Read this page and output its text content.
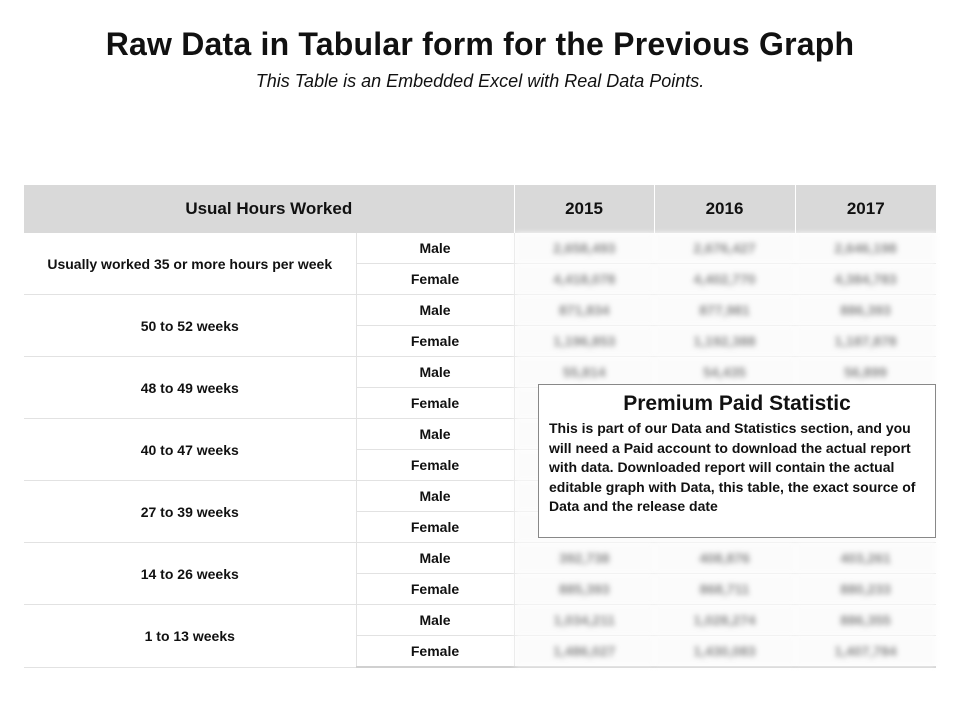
Raw Data in Tabular form for the Previous Graph
This Table is an Embedded Excel with Real Data Points.
Usual Hours Worked		2015	2016	2017
Usually worked 35 or more hours per week	Male	2,658,493	2,676,427	2,646,198
	Female	4,418,078	4,402,770	4,384,783
50 to 52 weeks	Male	871,834	877,981	886,393
	Female	1,196,853	1,192,388	1,187,878
48 to 49 weeks	Male	55,814	54,435	56,899
	Female			
40 to 47 weeks	Male			
	Female			
27 to 39 weeks	Male			
	Female			
14 to 26 weeks	Male	392,738	408,876	403,261
	Female	885,393	868,711	880,233
1 to 13 weeks	Male	1,034,211	1,028,274	886,355
	Female	1,486,027	1,430,083	1,407,784
Premium Paid Statistic
This is part of our Data and Statistics section, and you will need a Paid account to download the actual report with data. Downloaded report will contain the actual editable graph with Data, this table, the exact source of Data and the release date
